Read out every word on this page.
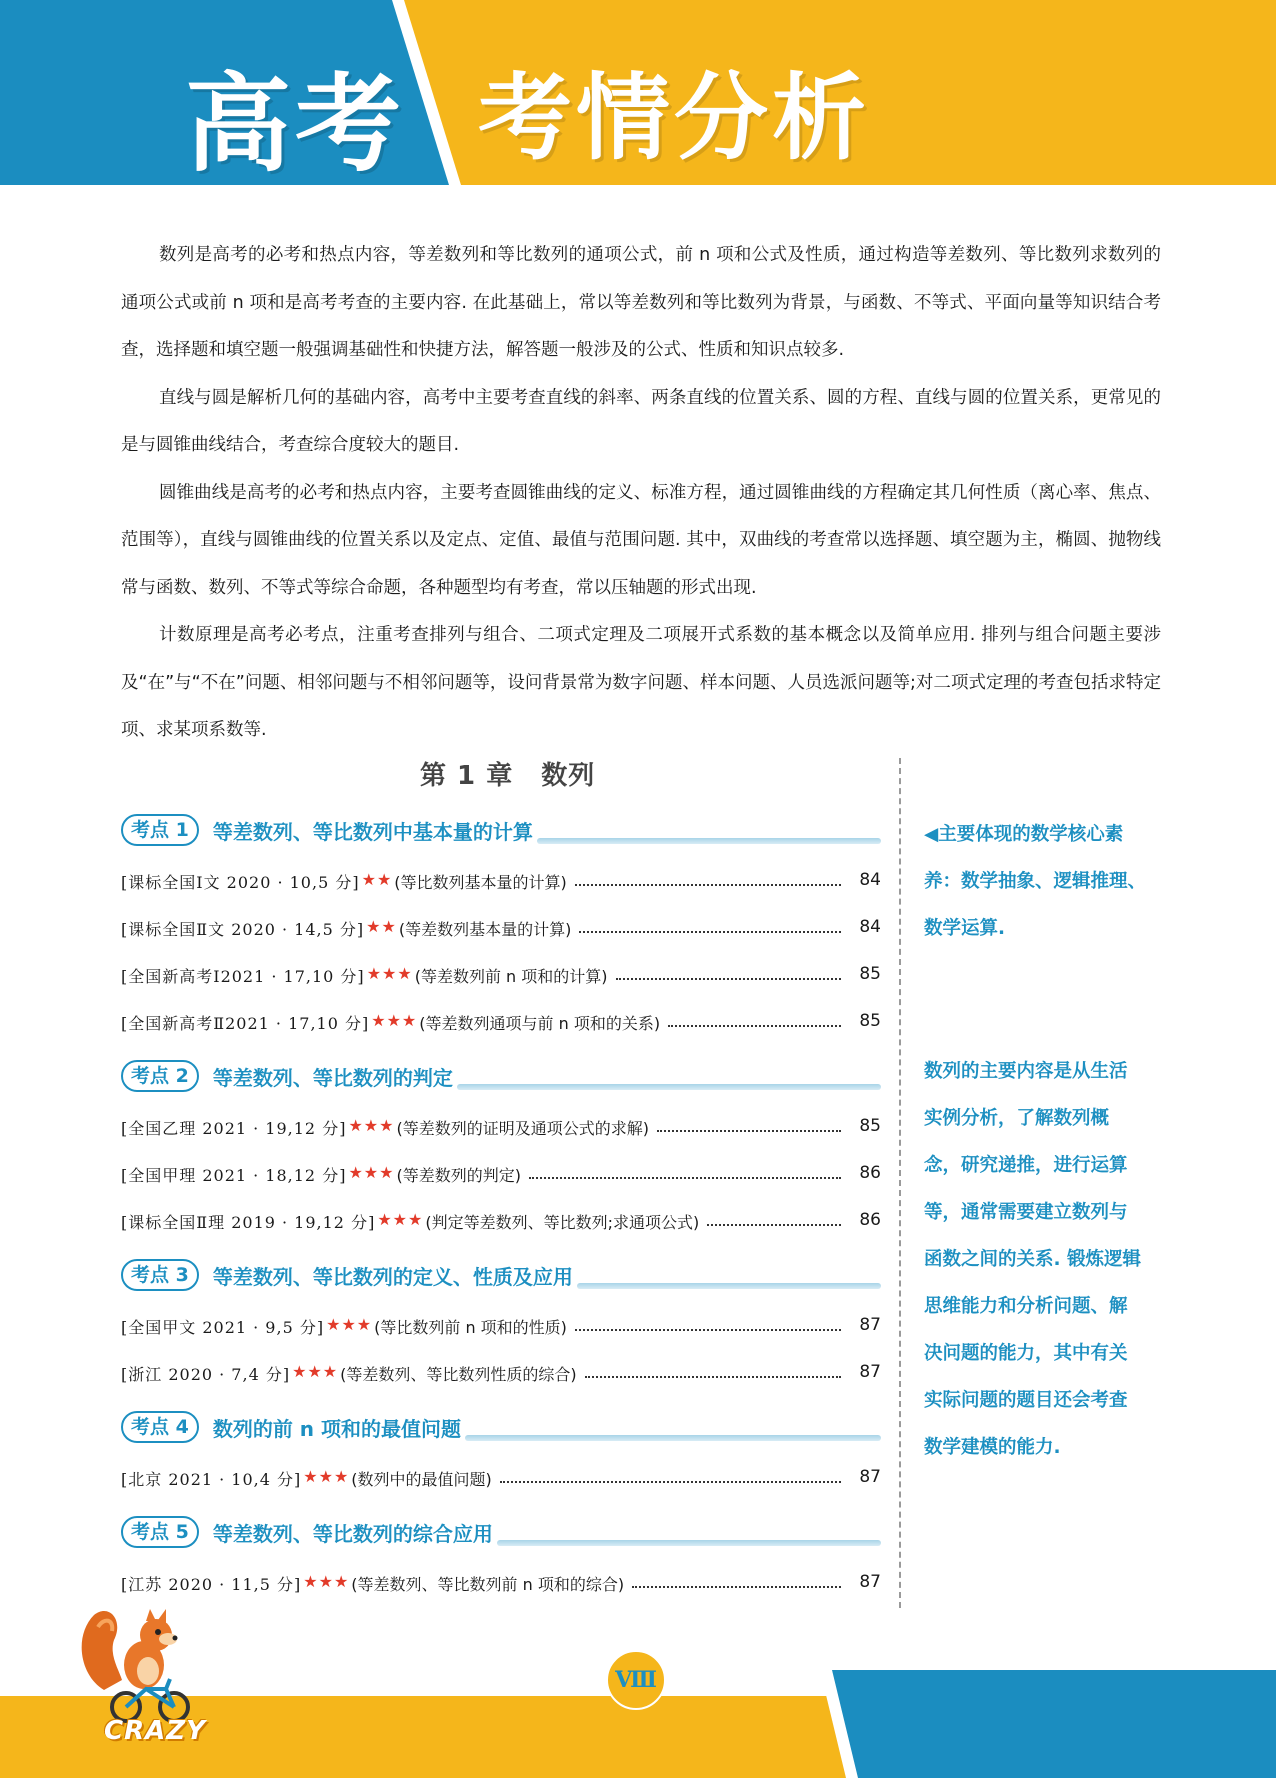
高考 考情分析

数列是高考的必考和热点内容，等差数列和等比数列的通项公式，前 n 项和公式及性质，通过构造等差数列、等比数列求数列的通项公式或前 n 项和是高考考查的主要内容. 在此基础上，常以等差数列和等比数列为背景，与函数、不等式、平面向量等知识结合考查，选择题和填空题一般强调基础性和快捷方法，解答题一般涉及的公式、性质和知识点较多.

直线与圆是解析几何的基础内容，高考中主要考查直线的斜率、两条直线的位置关系、圆的方程、直线与圆的位置关系，更常见的是与圆锥曲线结合，考查综合度较大的题目.

圆锥曲线是高考的必考和热点内容，主要考查圆锥曲线的定义、标准方程，通过圆锥曲线的方程确定其几何性质（离心率、焦点、范围等），直线与圆锥曲线的位置关系以及定点、定值、最值与范围问题. 其中，双曲线的考查常以选择题、填空题为主，椭圆、抛物线常与函数、数列、不等式等综合命题，各种题型均有考查，常以压轴题的形式出现.

计数原理是高考必考点，注重考查排列与组合、二项式定理及二项展开式系数的基本概念以及简单应用. 排列与组合问题主要涉及“在”与“不在”问题、相邻问题与不相邻问题等，设问背景常为数字问题、样本问题、人员选派问题等;对二项式定理的考查包括求特定项、求某项系数等.

第 1 章 数列
考点 1	等差数列、等比数列中基本量的计算
[课标全国Ⅰ文 2020 · 10,5 分] ★★ (等比数列基本量的计算)	84
[课标全国Ⅱ文 2020 · 14,5 分] ★★ (等差数列基本量的计算)	84
[全国新高考Ⅰ2021 · 17,10 分] ★★★ (等差数列前 n 项和的计算)	85
[全国新高考Ⅱ2021 · 17,10 分] ★★★ (等差数列通项与前 n 项和的关系)	85
考点 2	等差数列、等比数列的判定
[全国乙理 2021 · 19,12 分] ★★★ (等差数列的证明及通项公式的求解)	85
[全国甲理 2021 · 18,12 分] ★★★ (等差数列的判定)	86
[课标全国Ⅱ理 2019 · 19,12 分] ★★★ (判定等差数列、等比数列;求通项公式)	86
考点 3	等差数列、等比数列的定义、性质及应用
[全国甲文 2021 · 9,5 分] ★★★ (等比数列前 n 项和的性质)	87
[浙江 2020 · 7,4 分] ★★★ (等差数列、等比数列性质的综合)	87
考点 4	数列的前 n 项和的最值问题
[北京 2021 · 10,4 分] ★★★ (数列中的最值问题)	87
考点 5	等差数列、等比数列的综合应用
[江苏 2020 · 11,5 分] ★★★ (等差数列、等比数列前 n 项和的综合)	87

◀主要体现的数学核心素

养：数学抽象、逻辑推理、

数学运算.

数列的主要内容是从生活

实例分析，了解数列概

念，研究递推，进行运算

等，通常需要建立数列与

函数之间的关系. 锻炼逻辑

思维能力和分析问题、解

决问题的能力，其中有关

实际问题的题目还会考查

数学建模的能力.

Ⅷ
CRAZY
